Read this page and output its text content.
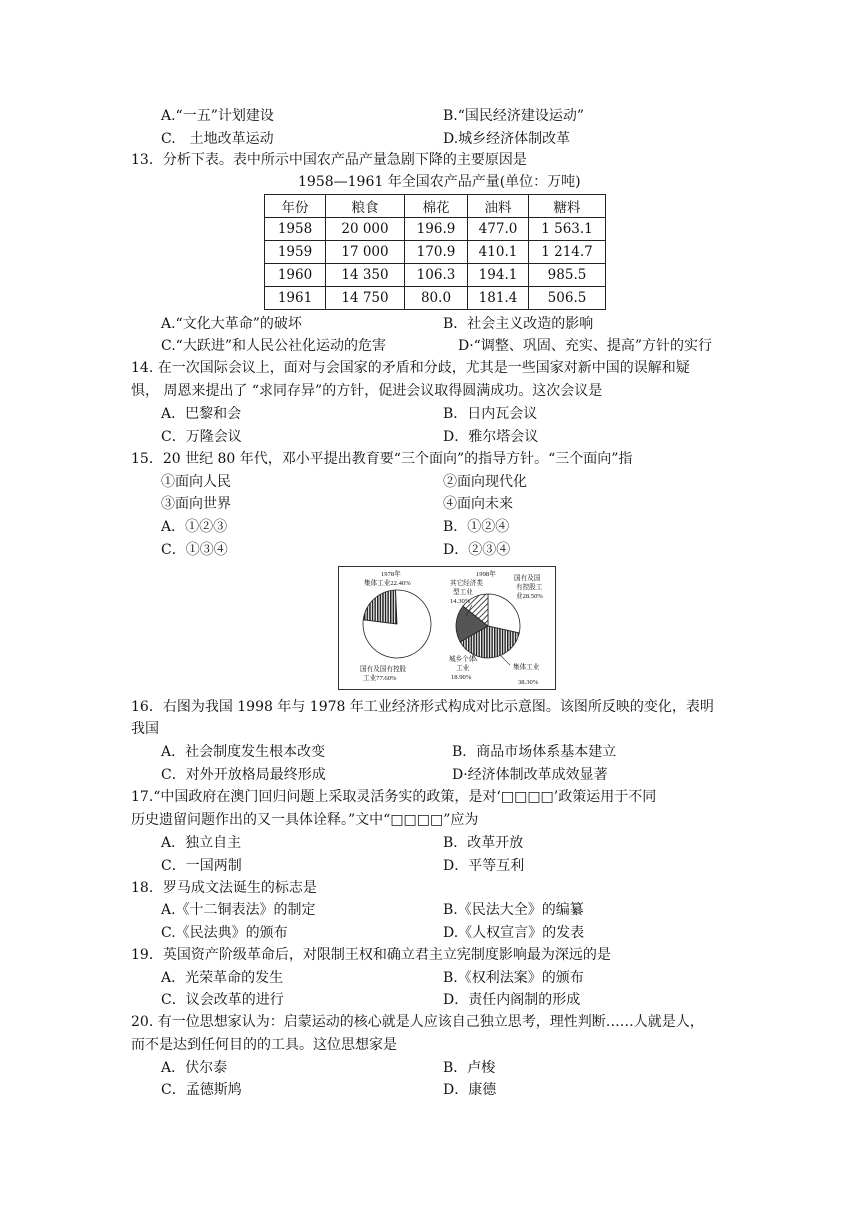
A.“一五”计划建设	B.“国民经济建设运动”
C.　土地改革运动	D.城乡经济体制改革
13．分析下表。表中所示中国农产品产量急剧下降的主要原因是
1958—1961 年全国农产品产量(单位：万吨)
年份	粮食	棉花	油料	糖料
1958	20 000	196.9	477.0	1 563.1
1959	17 000	170.9	410.1	1 214.7
1960	14 350	106.3	194.1	985.5
1961	14 750	80.0	181.4	506.5
A.“文化大革命”的破坏	B．社会主义改造的影响
C.“大跃进”和人民公社化运动的危害	D·“调整、巩固、充实、提高”方针的实行
14. 在一次国际会议上，面对与会国家的矛盾和分歧，尤其是一些国家对新中国的误解和疑
惧， 周恩来提出了 “求同存异”的方针，促进会议取得圆满成功。这次会议是
A．巴黎和会	B．日内瓦会议
C．万隆会议	D．雅尔塔会议
15．20 世纪 80 年代，邓小平提出教育要“三个面向”的指导方针。“三个面向”指
①面向人民	②面向现代化
③面向世界	④面向未来
A．①②③	B．①②④
C．①③④	D．②③④
1978年
集体工业22.40%
国有及国有控股
工业77.60%
1998年
其它经济类
型工业
14.30%
国有及国
有控股工
业28.50%
城乡个体
工业
18.90%
集体工业
38.30%
16．右图为我国 1998 年与 1978 年工业经济形式构成对比示意图。该图所反映的变化，表明
我国
A．社会制度发生根本改变	B．商品市场体系基本建立
C．对外开放格局最终形成	D·经济体制改革成效显著
17.“中国政府在澳门回归问题上采取灵活务实的政策，是对‘□□□□’政策运用于不同
历史遗留问题作出的又一具体诠释。”文中“□□□□”应为
A．独立自主	B．改革开放
C．一国两制	D．平等互利
18．罗马成文法诞生的标志是
A.《十二铜表法》的制定	B.《民法大全》的编纂
C.《民法典》的颁布	D.《人权宣言》的发表
19．英国资产阶级革命后，对限制王权和确立君主立宪制度影响最为深远的是
A．光荣革命的发生	B.《权利法案》的颁布
C．议会改革的进行	D．责任内阁制的形成
20. 有一位思想家认为：启蒙运动的核心就是人应该自己独立思考，理性判断……人就是人，
而不是达到任何目的的工具。这位思想家是
A．伏尔泰	B．卢梭
C．孟德斯鸠	D．康德
